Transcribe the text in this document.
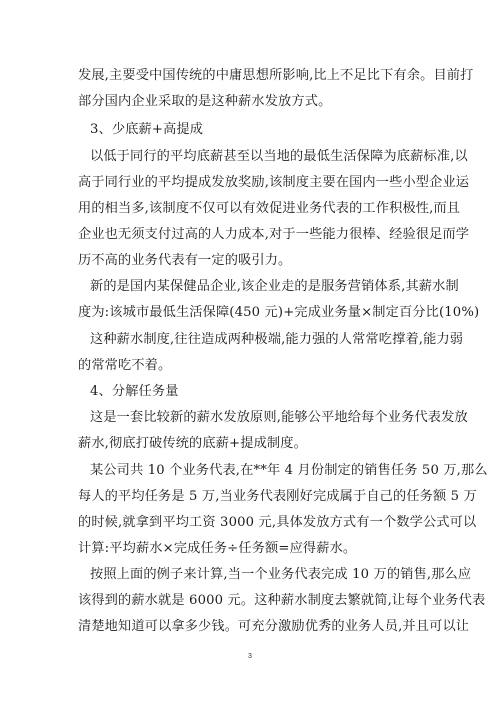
发展,主要受中国传统的中庸思想所影响,比上不足比下有余。目前打
部分国内企业采取的是这种薪水发放方式。
3、少底薪+高提成
以低于同行的平均底薪甚至以当地的最低生活保障为底薪标准,以
高于同行业的平均提成发放奖励,该制度主要在国内一些小型企业运
用的相当多,该制度不仅可以有效促进业务代表的工作积极性,而且
企业也无须支付过高的人力成本,对于一些能力很棒、经验很足而学
历不高的业务代表有一定的吸引力。
新的是国内某保健品企业,该企业走的是服务营销体系,其薪水制
度为:该城市最低生活保障(450 元)+完成业务量×制定百分比(10%)
这种薪水制度,往往造成两种极端,能力强的人常常吃撑着,能力弱
的常常吃不着。
4、分解任务量
这是一套比较新的薪水发放原则,能够公平地给每个业务代表发放
薪水,彻底打破传统的底薪+提成制度。
某公司共 10 个业务代表,在**年 4 月份制定的销售任务 50 万,那么
每人的平均任务是 5 万,当业务代表刚好完成属于自己的任务额 5 万
的时候,就拿到平均工资 3000 元,具体发放方式有一个数学公式可以
计算:平均薪水×完成任务÷任务额=应得薪水。
按照上面的例子来计算,当一个业务代表完成 10 万的销售,那么应
该得到的薪水就是 6000 元。这种薪水制度去繁就简,让每个业务代表
清楚地知道可以拿多少钱。可充分激励优秀的业务人员,并且可以让
3
